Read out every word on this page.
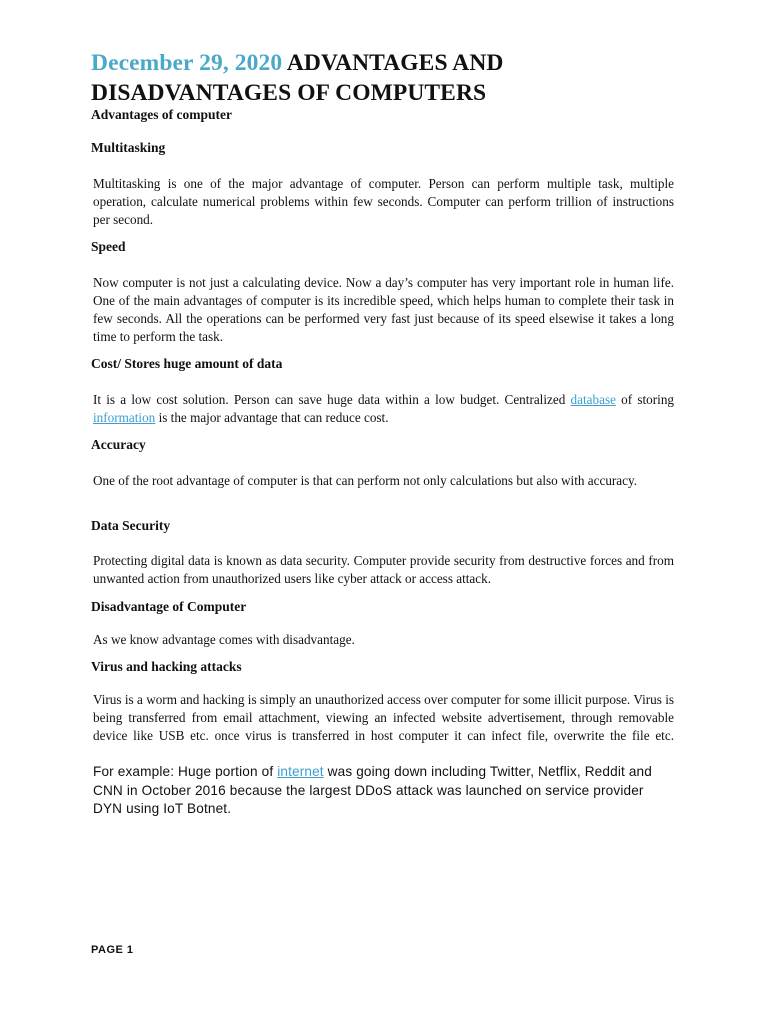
December 29, 2020 ADVANTAGES AND DISADVANTAGES OF COMPUTERS
Advantages of computer
Multitasking

Multitasking is one of the major advantage of computer. Person can perform multiple task, multiple operation, calculate numerical problems within few seconds. Computer can perform trillion of instructions per second.

Speed

Now computer is not just a calculating device. Now a day’s computer has very important role in human life. One of the main advantages of computer is its incredible speed, which helps human to complete their task in few seconds. All the operations can be performed very fast just because of its speed elsewise it takes a long time to perform the task.

Cost/ Stores huge amount of data

It is a low cost solution. Person can save huge data within a low budget. Centralized database of storing information is the major advantage that can reduce cost.

Accuracy

One of the root advantage of computer is that can perform not only calculations but also with accuracy.

Data Security

Protecting digital data is known as data security. Computer provide security from destructive forces and from unwanted action from unauthorized users like cyber attack or access attack.

Disadvantage of Computer

As we know advantage comes with disadvantage.

Virus and hacking attacks

Virus is a worm and hacking is simply an unauthorized access over computer for some illicit purpose. Virus is being transferred from email attachment, viewing an infected website advertisement, through removable device like USB etc. once virus is transferred in host computer it can infect file, overwrite the file etc.

For example: Huge portion of internet was going down including Twitter, Netflix, Reddit and CNN in October 2016 because the largest DDoS attack was launched on service provider DYN using IoT Botnet.

PAGE 1
